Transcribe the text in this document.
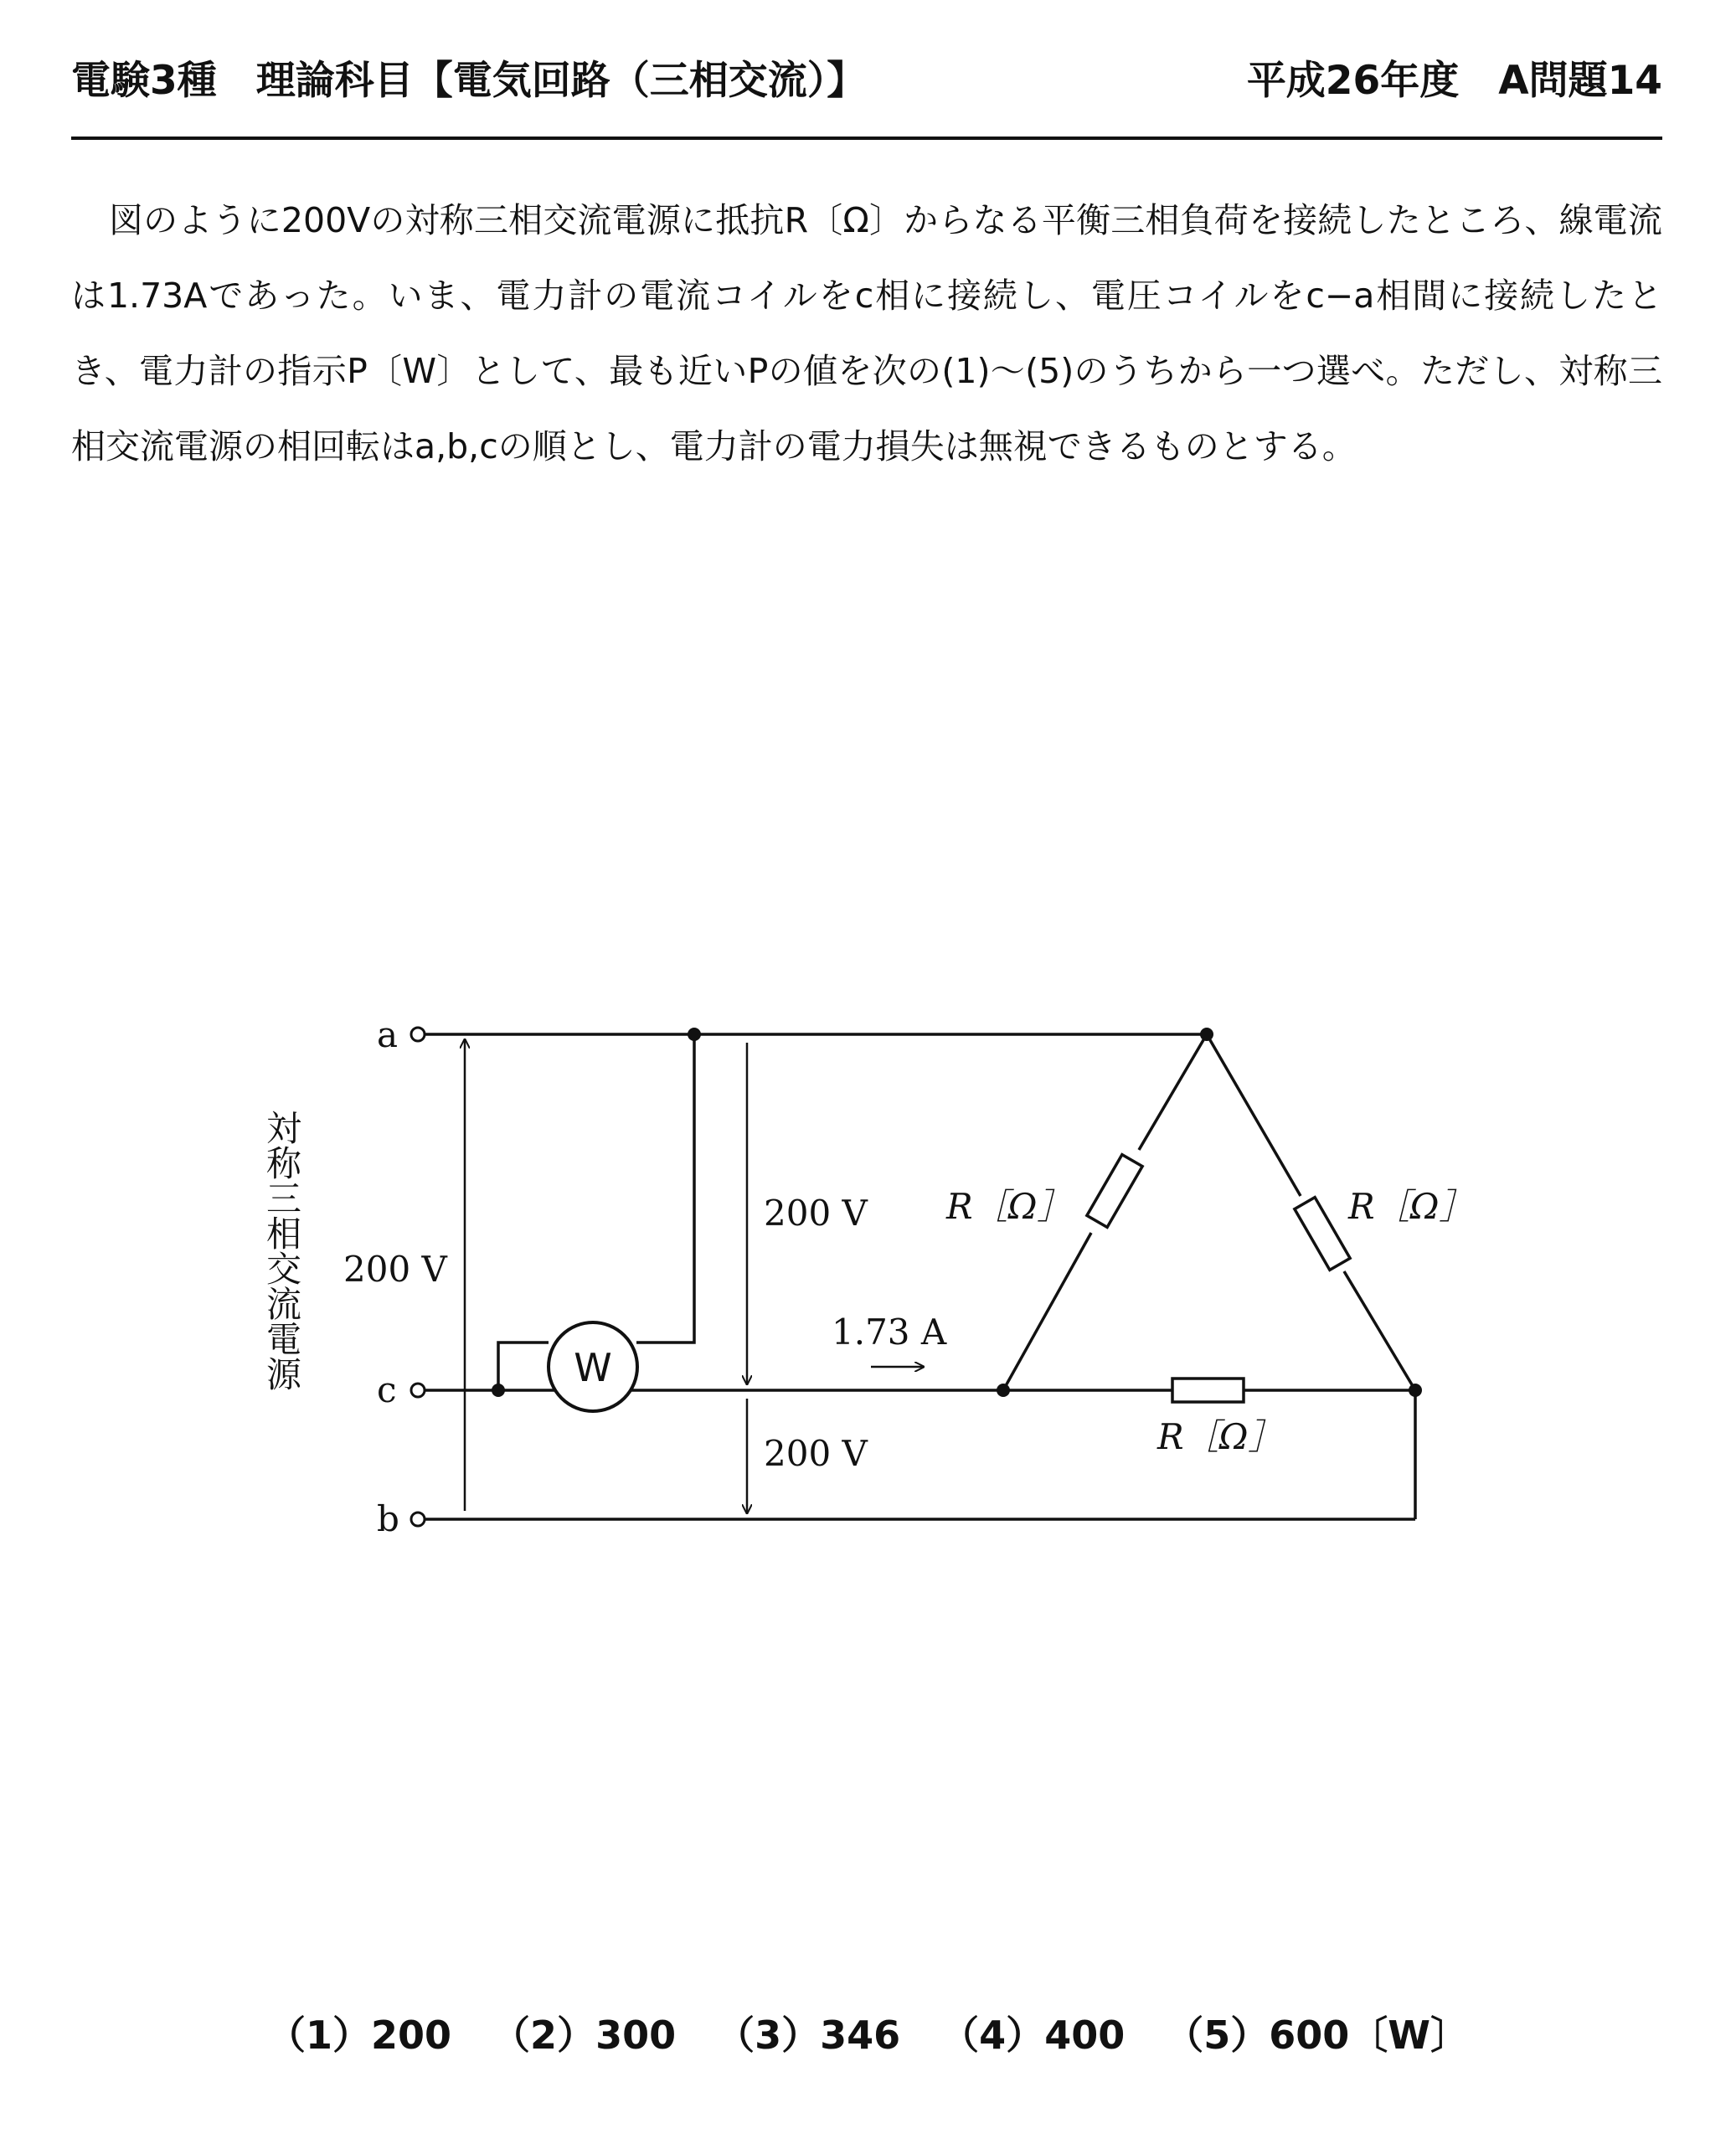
電験3種　理論科目【電気回路（三相交流）】	平成26年度　A問題14
図のように200Vの対称三相交流電源に抵抗R〔Ω〕からなる平衡三相負荷を接続したところ、線電流は1.73Aであった。いま、電力計の電流コイルをc相に接続し、電圧コイルをc−a相間に接続したとき、電力計の指示P〔W〕として、最も近いPの値を次の(1)〜(5)のうちから一つ選べ。ただし、対称三相交流電源の相回転はa,b,cの順とし、電力計の電力損失は無視できるものとする。
対称三相交流電源	W
a
c
b
200 V
200 V
200 V
1.73 A
R［Ω］	R［Ω］
R［Ω］
（1）200 （2）300 （3）346 （4）400 （5）600〔W〕
